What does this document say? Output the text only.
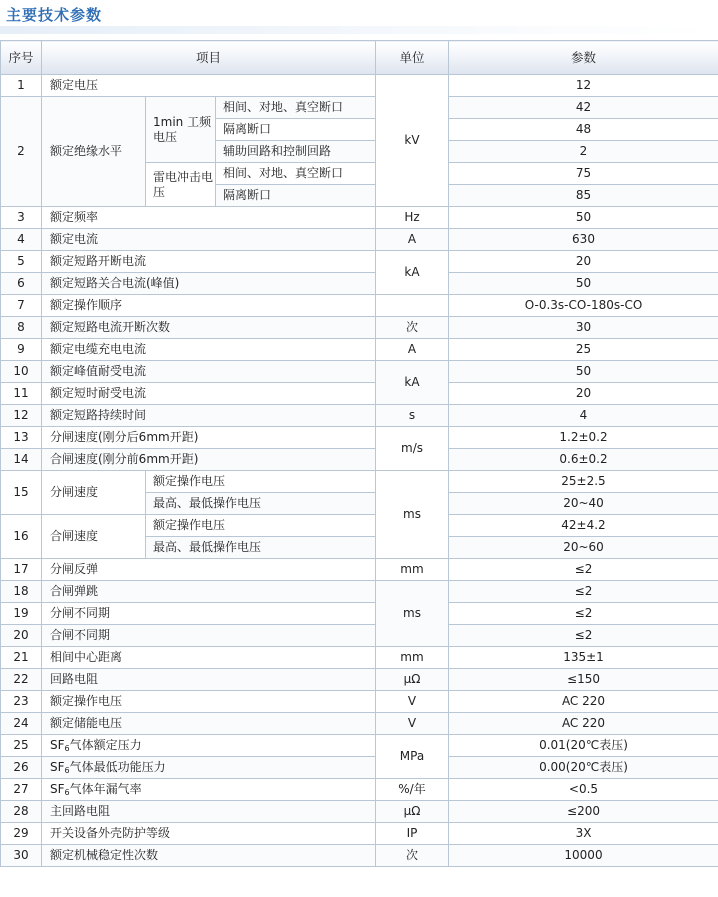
主要技术参数
序号	项目			单位	参数
1	额定电压			kV	12
2	额定绝缘水平	1min 工频电压	相间、对地、真空断口		42
			隔离断口		48
			辅助回路和控制回路		2
		雷电冲击电压	相间、对地、真空断口		75
			隔离断口		85
3	额定频率			Hz	50
4	额定电流			A	630
5	额定短路开断电流			kA	20
6	额定短路关合电流(峰值)				50
7	额定操作顺序				O-0.3s-CO-180s-CO
8	额定短路电流开断次数			次	30
9	额定电缆充电电流			A	25
10	额定峰值耐受电流			kA	50
11	额定短时耐受电流				20
12	额定短路持续时间			s	4
13	分闸速度(刚分后6mm开距)			m/s	1.2±0.2
14	合闸速度(刚分前6mm开距)				0.6±0.2
15	分闸速度	额定操作电压		ms	25±2.5
		最高、最低操作电压			20~40
16	合闸速度	额定操作电压			42±4.2
		最高、最低操作电压			20~60
17	分闸反弹			mm	≤2
18	合闸弹跳			ms	≤2
19	分闸不同期				≤2
20	合闸不同期				≤2
21	相间中心距离			mm	135±1
22	回路电阻			μΩ	≤150
23	额定操作电压			V	AC 220
24	额定储能电压			V	AC 220
25	$SF_6$气体额定压力			MPa	0.01(20℃表压)
26	$SF_6$气体最低功能压力				0.00(20℃表压)
27	$SF_6$气体年漏气率			%/年	<0.5
28	主回路电阻			μΩ	≤200
29	开关设备外壳防护等级			IP	3X
30	额定机械稳定性次数			次	10000
